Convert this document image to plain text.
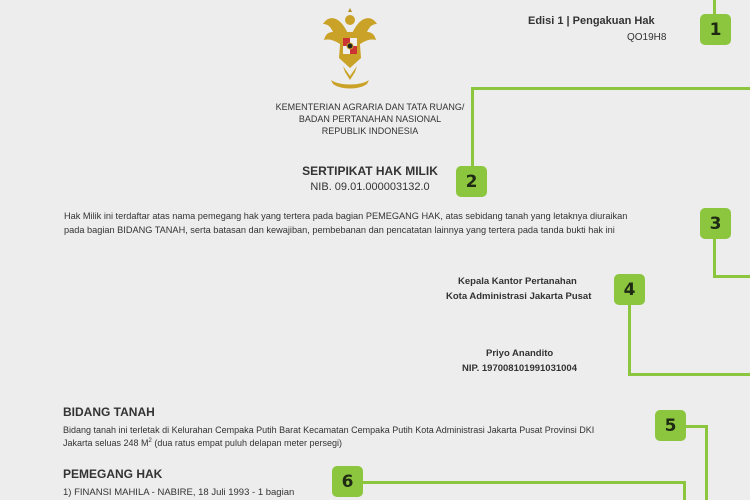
Edisi 1 | Pengakuan Hak
QO19H8
KEMENTERIAN AGRARIA DAN TATA RUANG/
BADAN PERTANAHAN NASIONAL
REPUBLIK INDONESIA
SERTIPIKAT HAK MILIK
NIB. 09.01.000003132.0
Hak Milik ini terdaftar atas nama pemegang hak yang tertera pada bagian PEMEGANG HAK, atas sebidang tanah yang letaknya diuraikan
pada bagian BIDANG TANAH, serta batasan dan kewajiban, pembebanan dan pencatatan lainnya yang tertera pada tanda bukti hak ini
Kepala Kantor Pertanahan
Kota Administrasi Jakarta Pusat
Priyo Anandito
NIP. 197008101991031004
BIDANG TANAH
Bidang tanah ini terletak di Kelurahan Cempaka Putih Barat Kecamatan Cempaka Putih Kota Administrasi Jakarta Pusat Provinsi DKI
Jakarta seluas 248 $M^2$ (dua ratus empat puluh delapan meter persegi)
PEMEGANG HAK
1) FINANSI MAHILA - NABIRE, 18 Juli 1993 - 1 bagian
1
2
3
4
5
6
